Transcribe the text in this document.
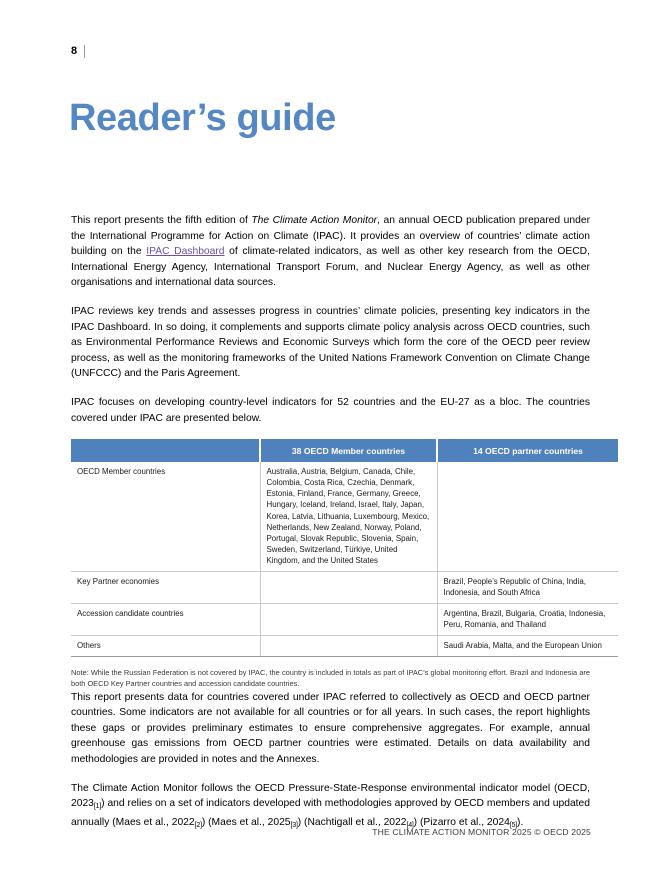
8
Reader’s guide

This report presents the fifth edition of The Climate Action Monitor, an annual OECD publication prepared under the International Programme for Action on Climate (IPAC). It provides an overview of countries’ climate action building on the IPAC Dashboard of climate-related indicators, as well as other key research from the OECD, International Energy Agency, International Transport Forum, and Nuclear Energy Agency, as well as other organisations and international data sources.

IPAC reviews key trends and assesses progress in countries’ climate policies, presenting key indicators in the IPAC Dashboard. In so doing, it complements and supports climate policy analysis across OECD countries, such as Environmental Performance Reviews and Economic Surveys which form the core of the OECD peer review process, as well as the monitoring frameworks of the United Nations Framework Convention on Climate Change (UNFCCC) and the Paris Agreement.

IPAC focuses on developing country-level indicators for 52 countries and the EU-27 as a bloc. The countries covered under IPAC are presented below.

	38 OECD Member countries	14 OECD partner countries
OECD Member countries	Australia, Austria, Belgium, Canada, Chile, Colombia, Costa Rica, Czechia, Denmark, Estonia, Finland, France, Germany, Greece, Hungary, Iceland, Ireland, Israel, Italy, Japan, Korea, Latvia, Lithuania, Luxembourg, Mexico, Netherlands, New Zealand, Norway, Poland, Portugal, Slovak Republic, Slovenia, Spain, Sweden, Switzerland, Türkiye, United Kingdom, and the United States	
Key Partner economies		Brazil, People’s Republic of China, India, Indonesia, and South Africa
Accession candidate countries		Argentina, Brazil, Bulgaria, Croatia, Indonesia, Peru, Romania, and Thailand
Others		Saudi Arabia, Malta, and the European Union

Note: While the Russian Federation is not covered by IPAC, the country is included in totals as part of IPAC’s global monitoring effort. Brazil and Indonesia are both OECD Key Partner countries and accession candidate countries.

This report presents data for countries covered under IPAC referred to collectively as OECD and OECD partner countries. Some indicators are not available for all countries or for all years. In such cases, the report highlights these gaps or provides preliminary estimates to ensure comprehensive aggregates. For example, annual greenhouse gas emissions from OECD partner countries were estimated. Details on data availability and methodologies are provided in notes and the Annexes.

The Climate Action Monitor follows the OECD Pressure-State-Response environmental indicator model (OECD, 2023[1]) and relies on a set of indicators developed with methodologies approved by OECD members and updated annually (Maes et al., 2022[2]) (Maes et al., 2025[3]) (Nachtigall et al., 2022[4]) (Pizarro et al., 2024[5]).

THE CLIMATE ACTION MONITOR 2025 © OECD 2025
